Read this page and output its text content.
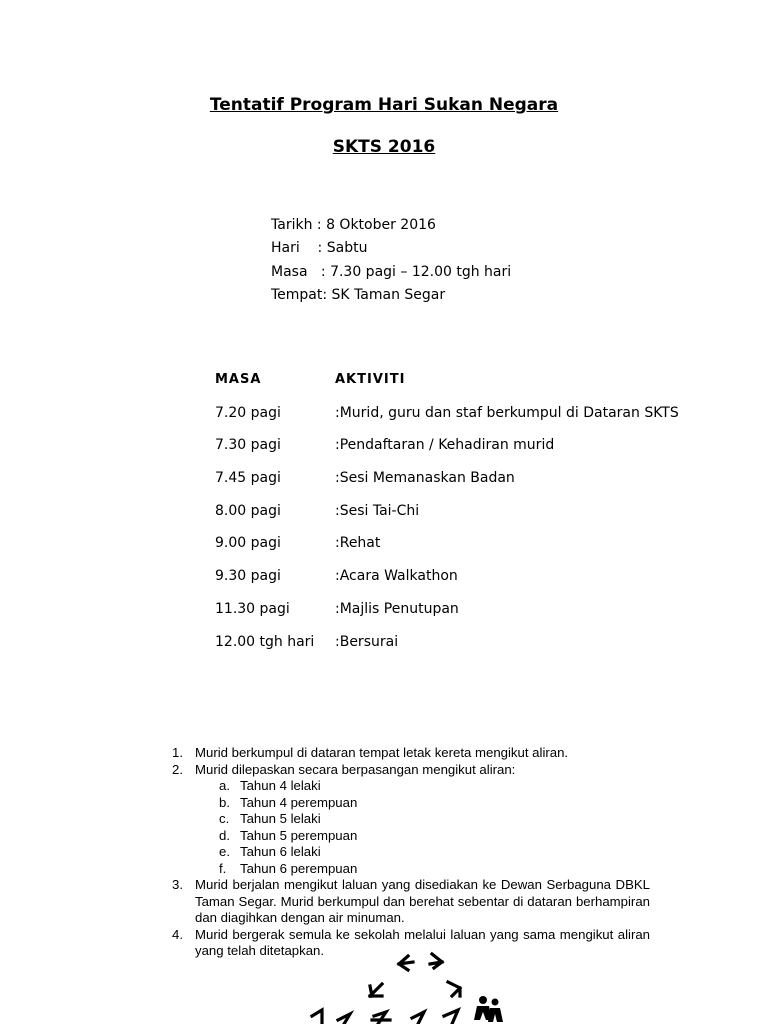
Tentatif Program Hari Sukan Negara
SKTS 2016
Tarikh : 8 Oktober 2016
Hari    : Sabtu
Masa   : 7.30 pagi – 12.00 tgh hari
Tempat: SK Taman Segar
MASA	AKTIVITI
7.20 pagi	:Murid, guru dan staf berkumpul di Dataran SKTS
7.30 pagi	:Pendaftaran / Kehadiran murid
7.45 pagi	:Sesi Memanaskan Badan
8.00 pagi	:Sesi Tai-Chi
9.00 pagi	:Rehat
9.30 pagi	:Acara Walkathon
11.30 pagi	:Majlis Penutupan
12.00 tgh hari :Bersurai
1. Murid berkumpul di dataran tempat letak kereta mengikut aliran.
2. Murid dilepaskan secara berpasangan mengikut aliran:
a. Tahun 4 lelaki
b. Tahun 4 perempuan
c. Tahun 5 lelaki
d. Tahun 5 perempuan
e. Tahun 6 lelaki
f. Tahun 6 perempuan
3. Murid berjalan mengikut laluan yang disediakan ke Dewan Serbaguna DBKL Taman Segar. Murid berkumpul dan berehat sebentar di dataran berhampiran dan diagihkan dengan air minuman.
4. Murid bergerak semula ke sekolah melalui laluan yang sama mengikut aliran yang telah ditetapkan.
